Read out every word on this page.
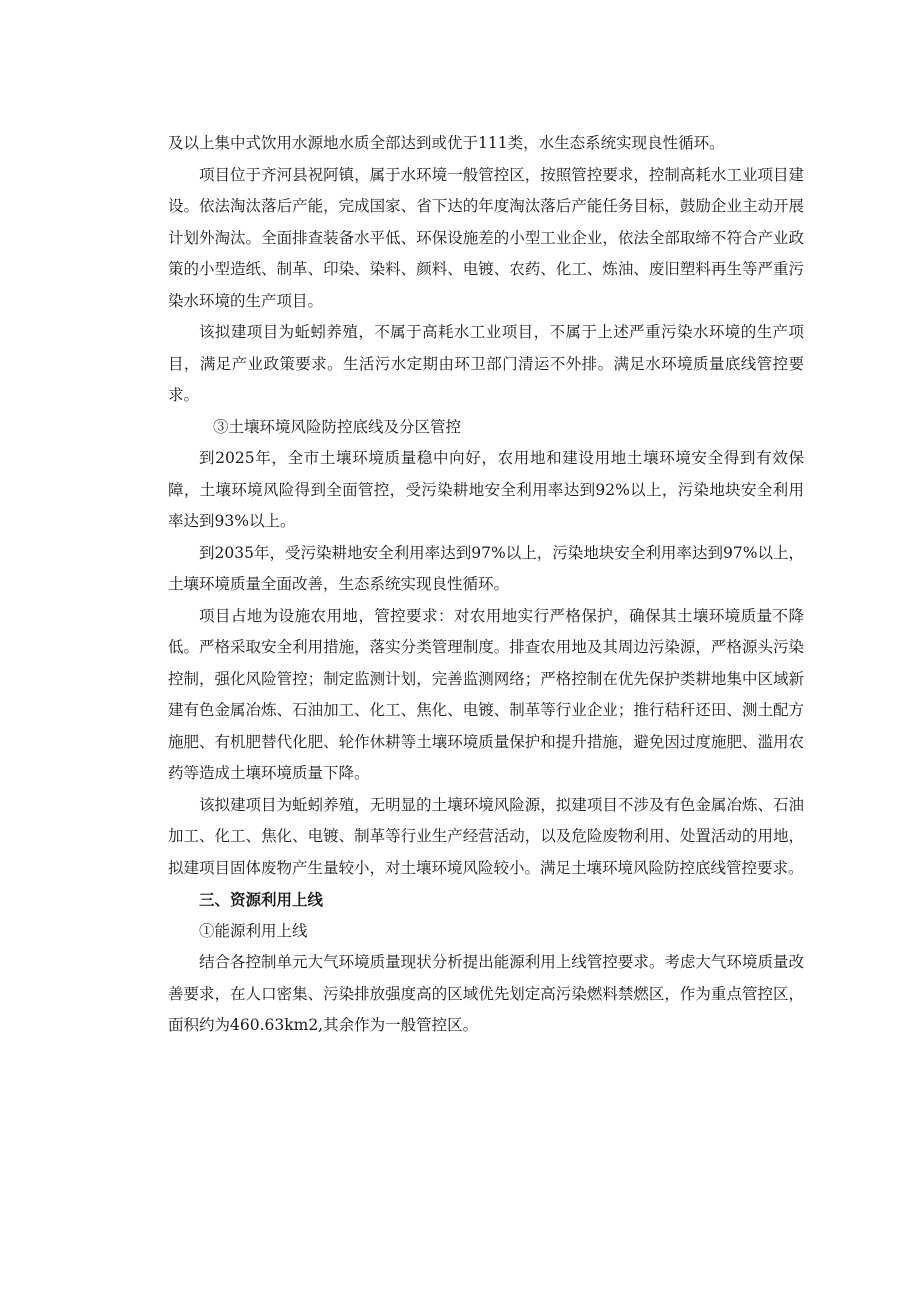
及以上集中式饮用水源地水质全部达到或优于111类，水生态系统实现良性循环。

项目位于齐河县祝阿镇，属于水环境一般管控区，按照管控要求，控制高耗水工业项目建设。依法淘汰落后产能，完成国家、省下达的年度淘汰落后产能任务目标，鼓励企业主动开展计划外淘汰。全面排查装备水平低、环保设施差的小型工业企业，依法全部取缔不符合产业政策的小型造纸、制革、印染、染料、颜料、电镀、农药、化工、炼油、废旧塑料再生等严重污染水环境的生产项目。

该拟建项目为蚯蚓养殖，不属于高耗水工业项目，不属于上述严重污染水环境的生产项目，满足产业政策要求。生活污水定期由环卫部门清运不外排。满足水环境质量底线管控要求。

③土壤环境风险防控底线及分区管控

到2025年，全市土壤环境质量稳中向好，农用地和建设用地土壤环境安全得到有效保障，土壤环境风险得到全面管控，受污染耕地安全利用率达到92%以上，污染地块安全利用率达到93%以上。

到2035年，受污染耕地安全利用率达到97%以上，污染地块安全利用率达到97%以上，土壤环境质量全面改善，生态系统实现良性循环。

项目占地为设施农用地，管控要求：对农用地实行严格保护，确保其土壤环境质量不降低。严格采取安全利用措施，落实分类管理制度。排查农用地及其周边污染源，严格源头污染控制，强化风险管控；制定监测计划，完善监测网络；严格控制在优先保护类耕地集中区域新建有色金属冶炼、石油加工、化工、焦化、电镀、制革等行业企业；推行秸秆还田、测土配方施肥、有机肥替代化肥、轮作休耕等土壤环境质量保护和提升措施，避免因过度施肥、滥用农药等造成土壤环境质量下降。

该拟建项目为蚯蚓养殖，无明显的土壤环境风险源，拟建项目不涉及有色金属冶炼、石油加工、化工、焦化、电镀、制革等行业生产经营活动，以及危险废物利用、处置活动的用地，拟建项目固体废物产生量较小，对土壤环境风险较小。满足土壤环境风险防控底线管控要求。

三、资源利用上线

①能源利用上线

结合各控制单元大气环境质量现状分析提出能源利用上线管控要求。考虑大气环境质量改善要求，在人口密集、污染排放强度高的区域优先划定高污染燃料禁燃区，作为重点管控区，面积约为460.63km2,其余作为一般管控区。
